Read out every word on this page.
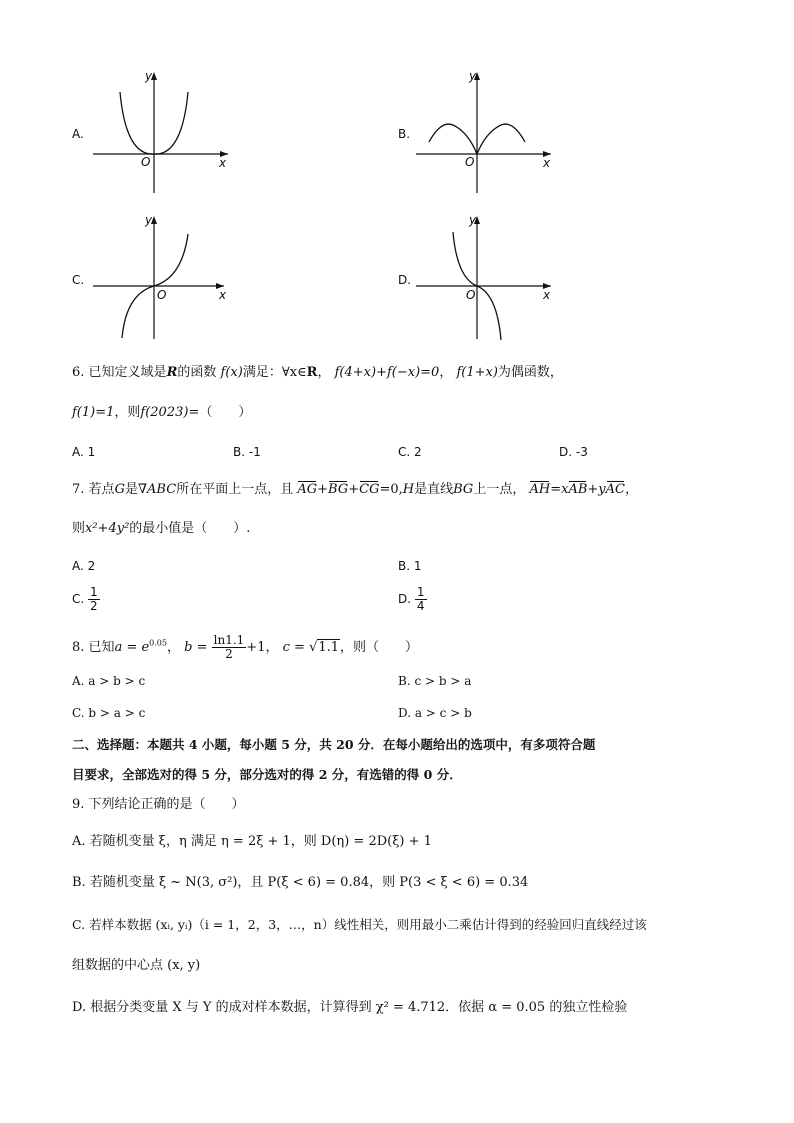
A.
y
x
O
B.
y
x
O
C.
y
x
O
D.
y
x
O
6. 已知定义域是R的函数 f(x)满足：∀x∈R， f(4+x)+f(−x)=0， f(1+x)为偶函数，
f(1)=1，则f(2023)=（　　）
A. 1	B. -1	C. 2	D. -3
7. 若点G是∇ABC所在平面上一点，且 AG+BG+CG=0,H是直线BG上一点， AH=xAB+yAC，
则x²+4y²的最小值是（　　）.
A. 2	B. 1
C. $\frac{1}{2}$	D. $\frac{1}{4}$
8. 已知$a = e^{0.05}$， $b = \frac{\ln 1.1}{2} +1$， c = √1.1，则（　　）
A. a > b > c	B. c > b > a
C. b > a > c	D. a > c > b
二、选择题：本题共 4 小题，每小题 5 分，共 20 分．在每小题给出的选项中，有多项符合题
目要求，全部选对的得 5 分，部分选对的得 2 分，有选错的得 0 分．
9. 下列结论正确的是（　　）
A. 若随机变量 ξ，η 满足 η = 2ξ + 1，则 D(η) = 2D(ξ) + 1
B. 若随机变量 ξ ~ N(3, σ²)，且 P(ξ < 6) = 0.84，则 P(3 < ξ < 6) = 0.34
C. 若样本数据 (xᵢ, yᵢ)（i = 1，2，3，…，n）线性相关，则用最小二乘估计得到的经验回归直线经过该
组数据的中心点 (x, y)
D. 根据分类变量 X 与 Y 的成对样本数据，计算得到 χ² = 4.712．依据 α = 0.05 的独立性检验
